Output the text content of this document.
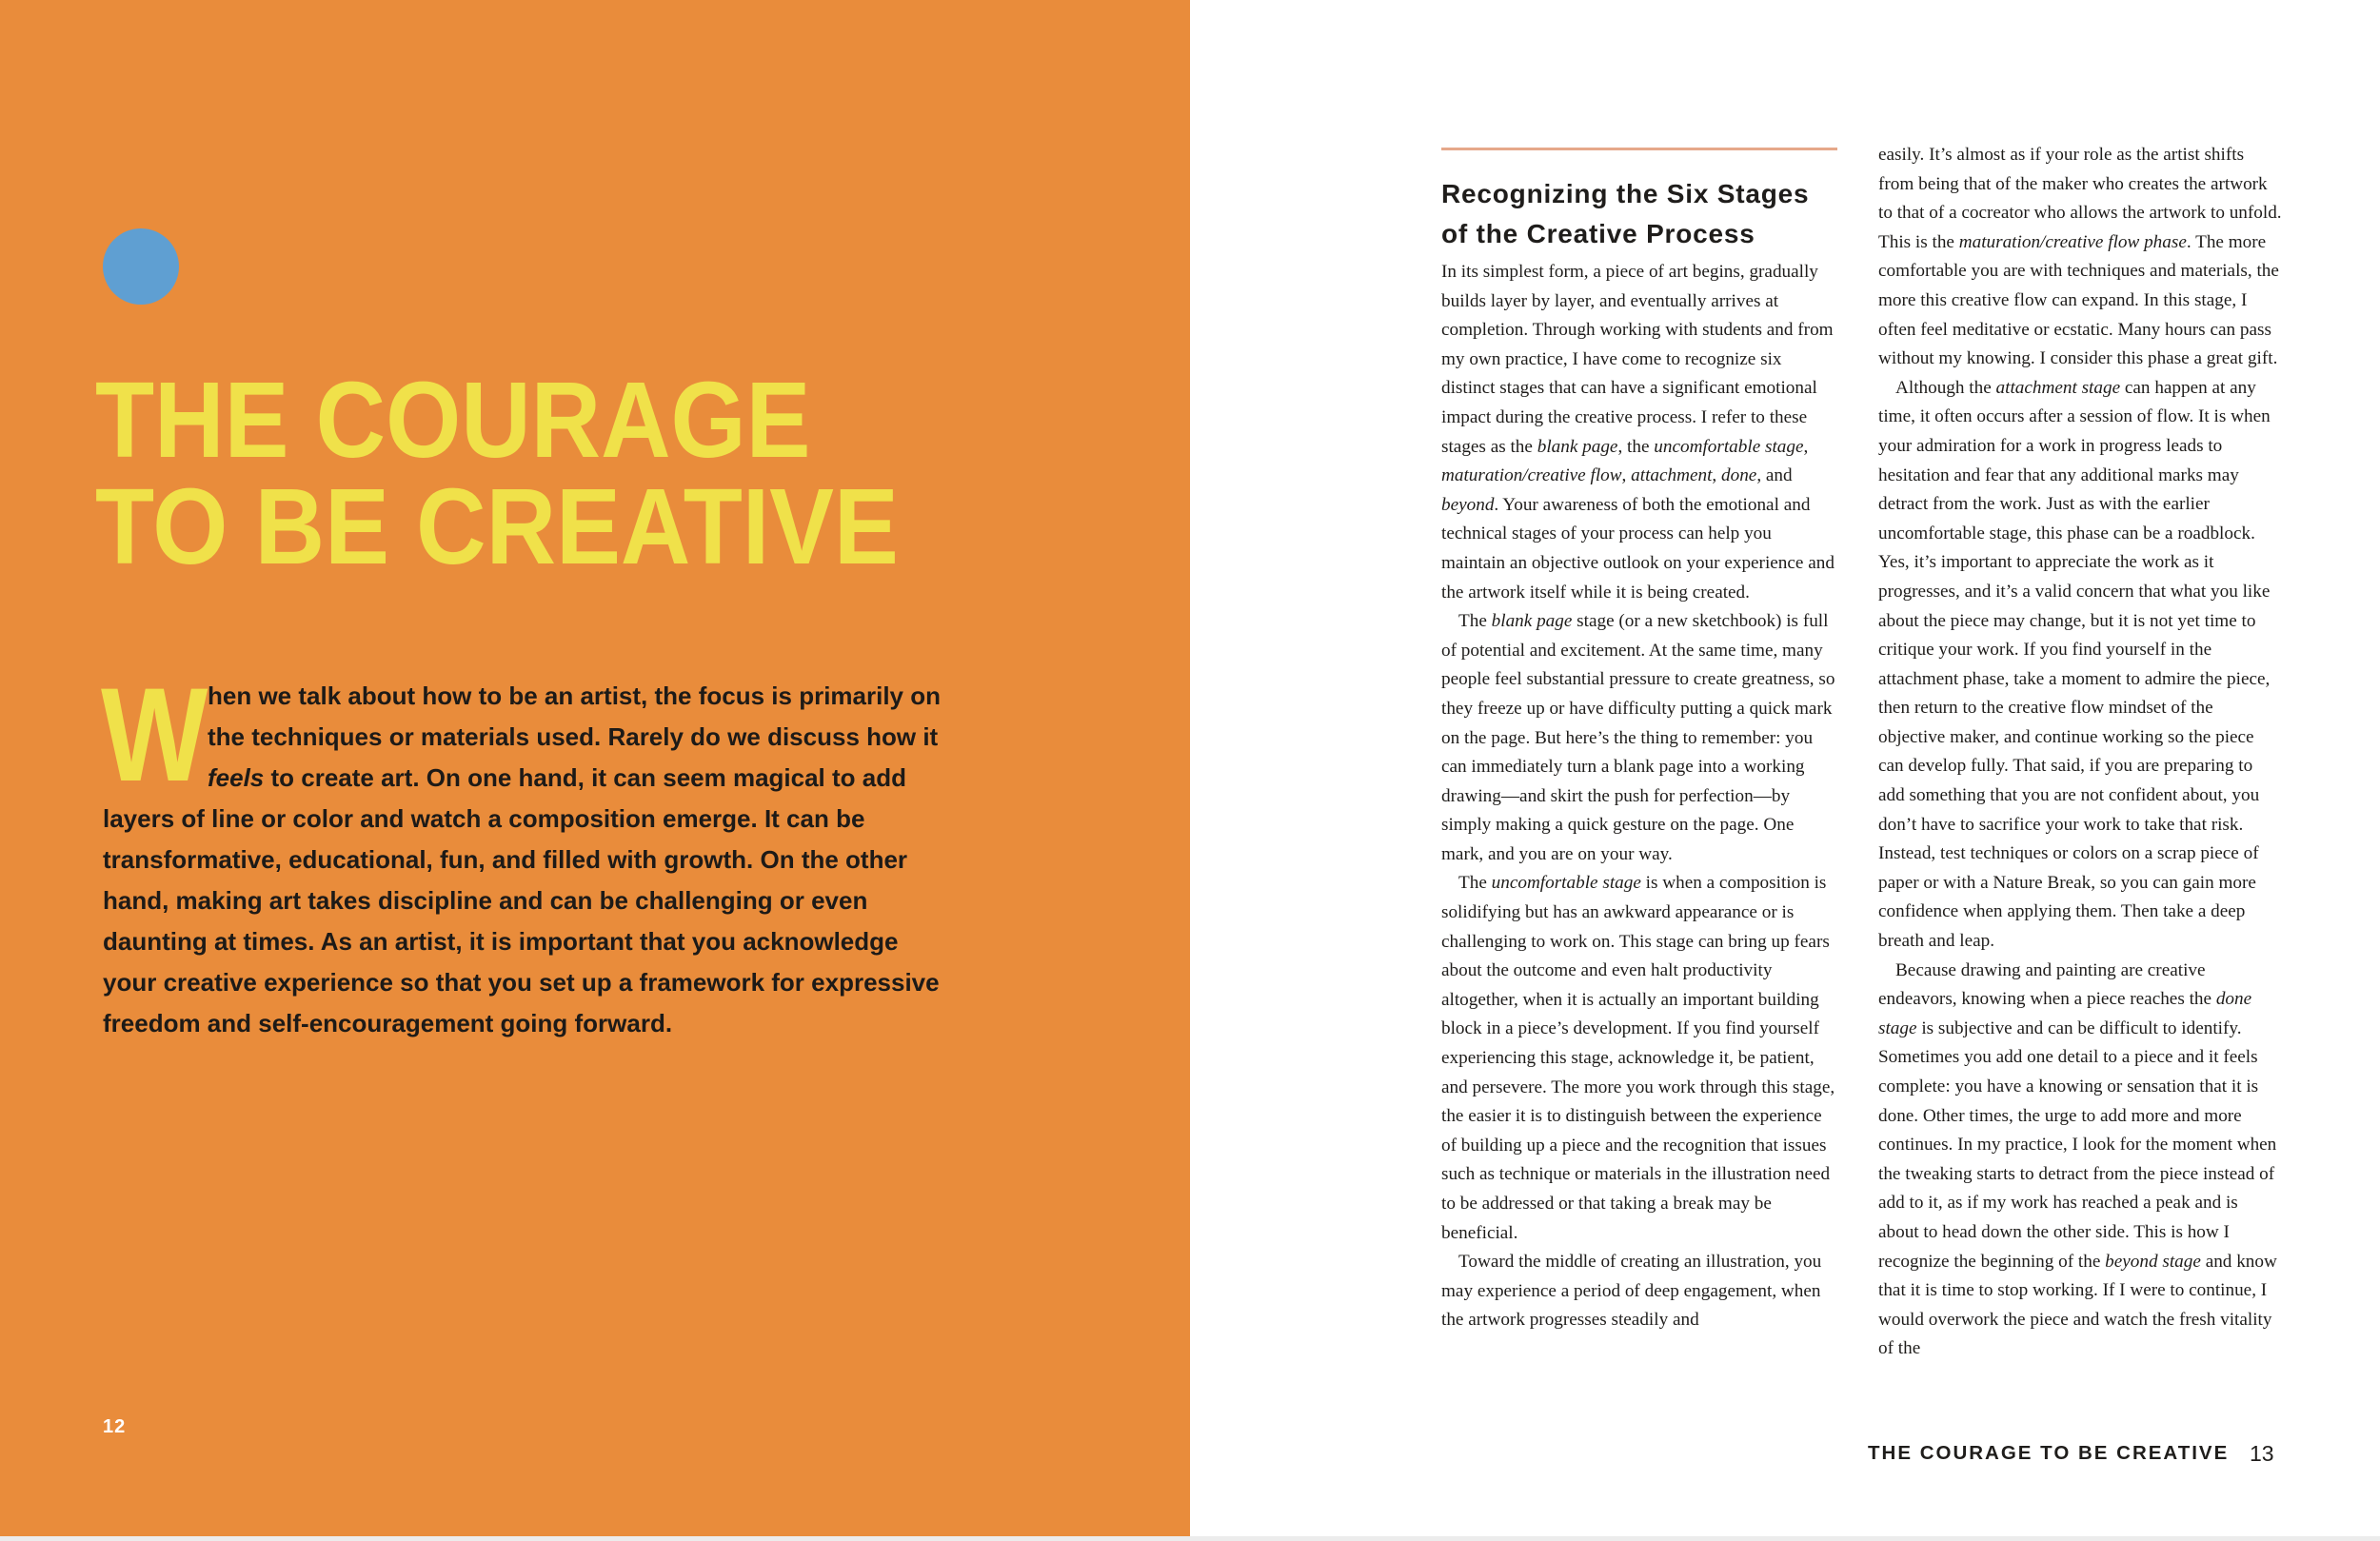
THE COURAGE
TO BE CREATIVE

When we talk about how to be an artist, the focus is primarily on the techniques or materials used. Rarely do we discuss how it feels to create art. On one hand, it can seem magical to add layers of line or color and watch a composition emerge. It can be transformative, educational, fun, and filled with growth. On the other hand, making art takes discipline and can be challenging or even daunting at times. As an artist, it is important that you acknowledge your creative experience so that you set up a framework for expressive freedom and self-encouragement going forward.

12
Recognizing the Six Stages of the Creative Process

In its simplest form, a piece of art begins, gradually builds layer by layer, and eventually arrives at completion. Through working with students and from my own practice, I have come to recognize six distinct stages that can have a significant emotional impact during the creative process. I refer to these stages as the blank page, the uncomfortable stage, maturation/creative flow, attachment, done, and beyond. Your awareness of both the emotional and technical stages of your process can help you maintain an objective outlook on your experience and the artwork itself while it is being created.

The blank page stage (or a new sketchbook) is full of potential and excitement. At the same time, many people feel substantial pressure to create greatness, so they freeze up or have difficulty putting a quick mark on the page. But here’s the thing to remember: you can immediately turn a blank page into a working drawing—and skirt the push for perfection—by simply making a quick gesture on the page. One mark, and you are on your way.

The uncomfortable stage is when a composition is solidifying but has an awkward appearance or is challenging to work on. This stage can bring up fears about the outcome and even halt productivity altogether, when it is actually an important building block in a piece’s development. If you find yourself experiencing this stage, acknowledge it, be patient, and persevere. The more you work through this stage, the easier it is to distinguish between the experience of building up a piece and the recognition that issues such as technique or materials in the illustration need to be addressed or that taking a break may be beneficial.

Toward the middle of creating an illustration, you may experience a period of deep engagement, when the artwork progresses steadily and

easily. It’s almost as if your role as the artist shifts from being that of the maker who creates the artwork to that of a cocreator who allows the artwork to unfold. This is the maturation/creative flow phase. The more comfortable you are with techniques and materials, the more this creative flow can expand. In this stage, I often feel meditative or ecstatic. Many hours can pass without my knowing. I consider this phase a great gift.

Although the attachment stage can happen at any time, it often occurs after a session of flow. It is when your admiration for a work in progress leads to hesitation and fear that any additional marks may detract from the work. Just as with the earlier uncomfortable stage, this phase can be a roadblock. Yes, it’s important to appreciate the work as it progresses, and it’s a valid concern that what you like about the piece may change, but it is not yet time to critique your work. If you find yourself in the attachment phase, take a moment to admire the piece, then return to the creative flow mindset of the objective maker, and continue working so the piece can develop fully. That said, if you are preparing to add something that you are not confident about, you don’t have to sacrifice your work to take that risk. Instead, test techniques or colors on a scrap piece of paper or with a Nature Break, so you can gain more confidence when applying them. Then take a deep breath and leap.

Because drawing and painting are creative endeavors, knowing when a piece reaches the done stage is subjective and can be difficult to identify. Sometimes you add one detail to a piece and it feels complete: you have a knowing or sensation that it is done. Other times, the urge to add more and more continues. In my practice, I look for the moment when the tweaking starts to detract from the piece instead of add to it, as if my work has reached a peak and is about to head down the other side. This is how I recognize the beginning of the beyond stage and know that it is time to stop working. If I were to continue, I would overwork the piece and watch the fresh vitality of the

THE COURAGE TO BE CREATIVE 13
